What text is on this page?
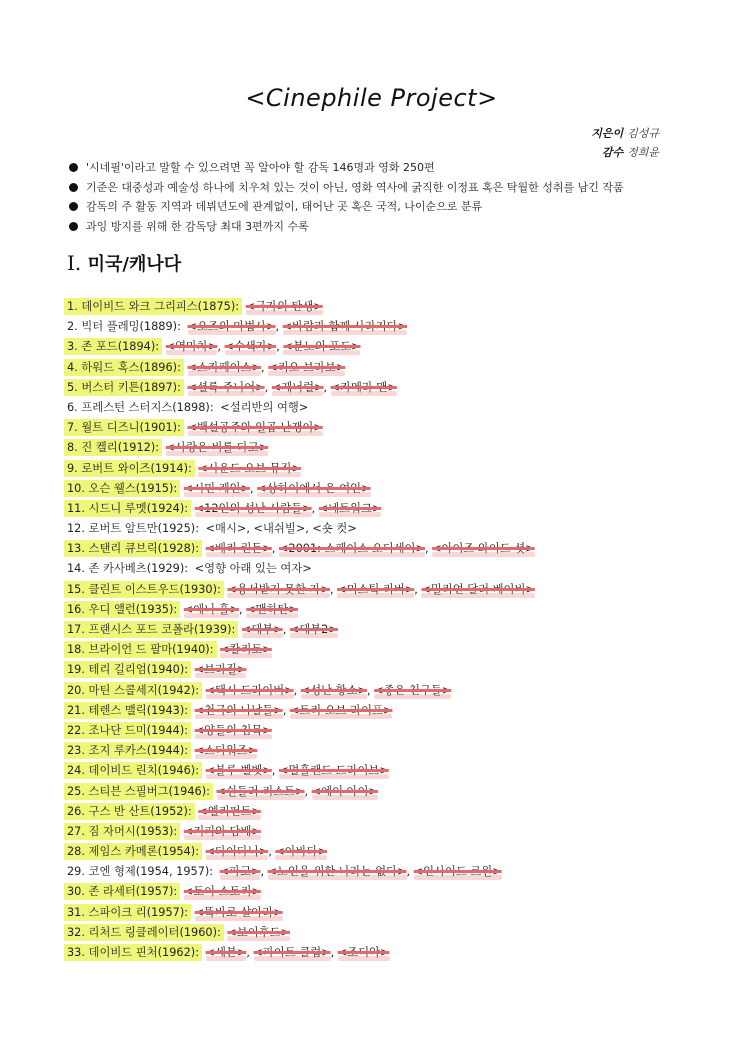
<Cinephile Project>
지은이 김성규
감수 정희윤
'시네필'이라고 말할 수 있으려면 꼭 알아야 할 감독 146명과 영화 250편
기준은 대중성과 예술성 하나에 치우쳐 있는 것이 아닌, 영화 역사에 굵직한 이정표 혹은 탁월한 성취를 남긴 작품
감독의 주 활동 지역과 데뷔년도에 관계없이, 태어난 곳 혹은 국적, 나이순으로 분류
과잉 방지를 위해 한 감독당 최대 3편까지 수록
I. 미국/캐나다
1. 데이비드 와크 그리피스(1875): <국가의 탄생>
2. 빅터 플레밍(1889): <오즈의 마법사>, <바람과 함께 사라지다>
3. 존 포드(1894): <역마차>, <수색자>, <분노의 포도>
4. 하워드 혹스(1896): <스카페이스>, <리오 브라보>
5. 버스터 키튼(1897): <셜록 주니어>, <제너럴>, <카메라 맨>
6. 프레스턴 스터지스(1898): <설리반의 여행>
7. 월트 디즈니(1901): <백설공주와 일곱 난쟁이>
8. 진 켈리(1912): <사랑은 비를 타고>
9. 로버트 와이즈(1914): <사운드 오브 뮤직>
10. 오슨 웰스(1915): <시민 케인>, <상하이에서 온 여인>
11. 시드니 루멧(1924): <12인의 성난 사람들>, <네트워크>
12. 로버트 알트만(1925): <매시>, <내쉬빌>, <숏 컷>
13. 스탠리 큐브릭(1928): <배리 린든>, <2001: 스페이스 오디세이>, <아이즈 와이드 셧>
14. 존 카사베츠(1929): <영향 아래 있는 여자>
15. 클린트 이스트우드(1930): <용서받지 못한 자>, <미스틱 리버>, <밀리언 달러 베이비>
16. 우디 앨런(1935): <애니 홀>, <맨하탄>
17. 프랜시스 포드 코폴라(1939): <대부>, <대부2>
18. 브라이언 드 팔마(1940): <칼리토>
19. 테리 길리엄(1940): <브라질>
20. 마틴 스콜세지(1942): <택시 드라이버>, <성난 황소>, <좋은 친구들>
21. 테렌스 맬릭(1943): <천국의 나날들>, <트리 오브 라이프>
22. 조나단 드미(1944): <양들의 침묵>
23. 조지 루카스(1944): <스타워즈>
24. 데이비드 린치(1946): <블루 벨벳>, <멀홀랜드 드라이브>
25. 스티븐 스필버그(1946): <쉰들러 리스트>, <에이 아이>
26. 구스 반 산트(1952): <엘리펀트>
27. 짐 자머시(1953): <커피와 담배>
28. 제임스 카메론(1954): <타이타닉>, <아바타>
29. 코엔 형제(1954, 1957): <파고>, <노인을 위한 나라는 없다>, <인사이드 르윈>
30. 존 라세터(1957): <토이 스토리>
31. 스파이크 리(1957): <똑바로 살아라>
32. 리처드 링클레이터(1960): <보이후드>
33. 데이비드 핀처(1962): <세븐>, <파이트 클럽>, <조디악>
